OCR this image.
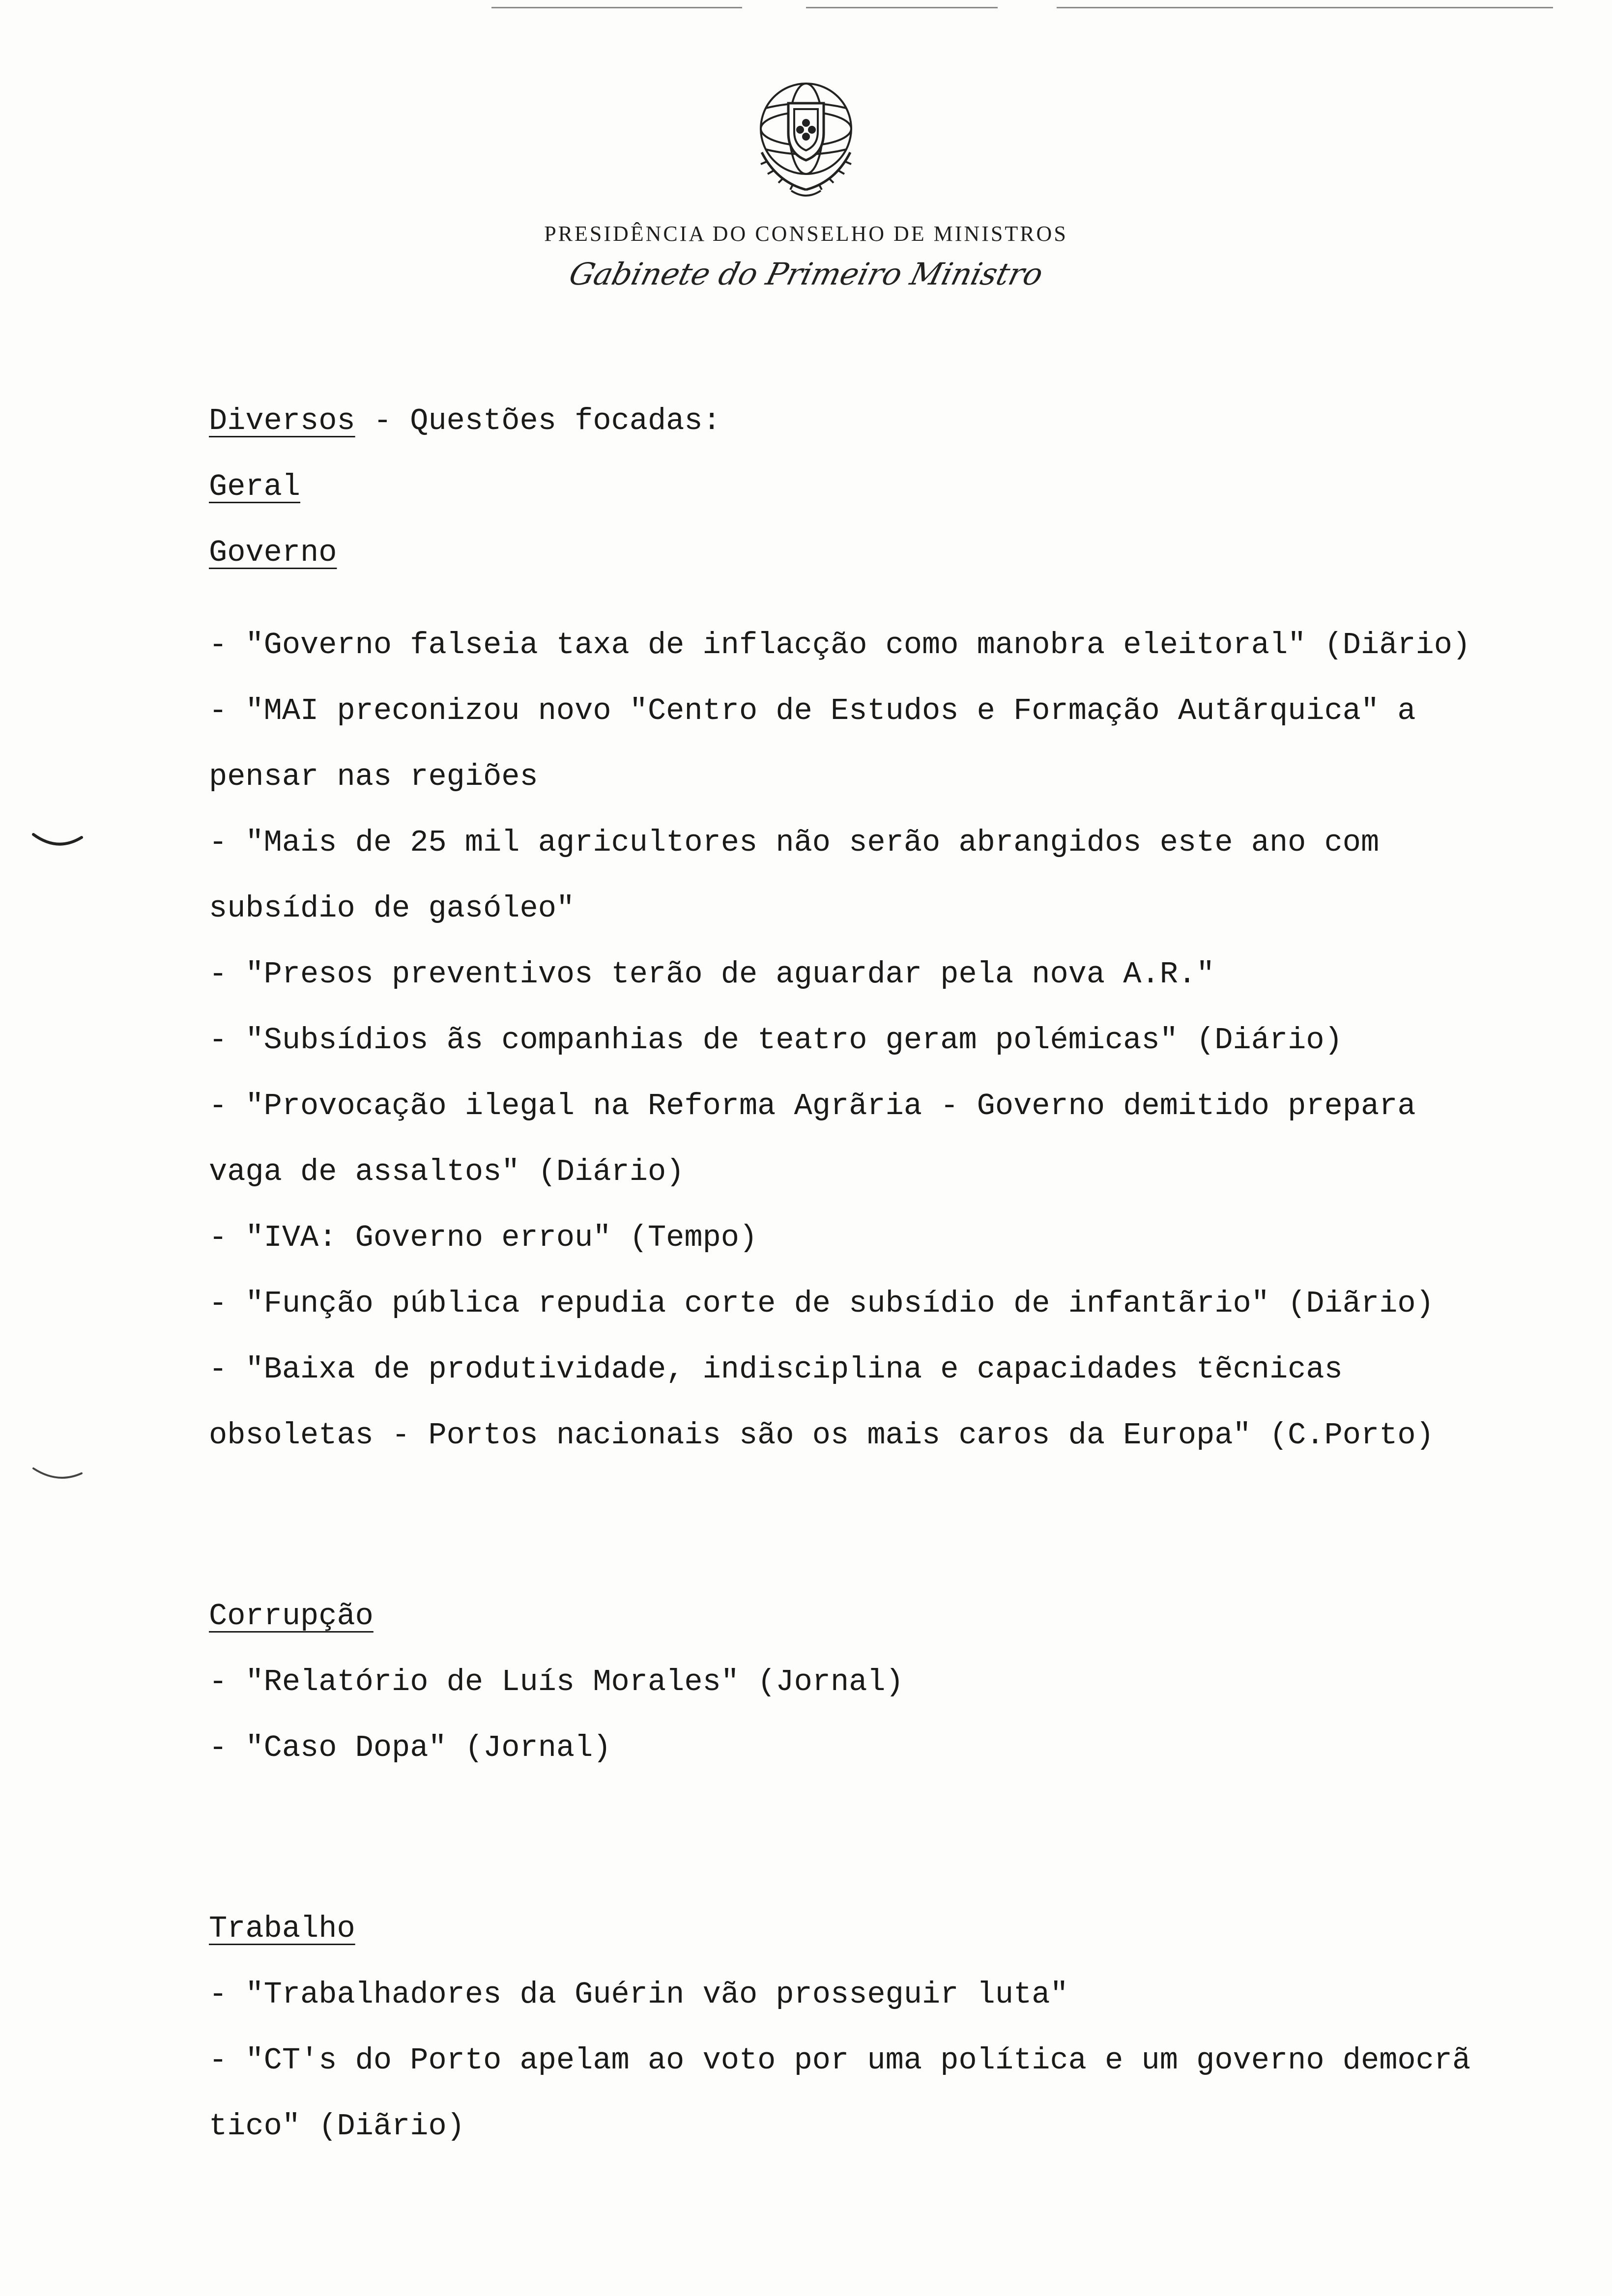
PRESIDÊNCIA DO CONSELHO DE MINISTROS
Gabinete do Primeiro Ministro
Diversos - Questões focadas:
Geral
Governo
- "Governo falseia taxa de inflacção como manobra eleitoral" (Diãrio)
- "MAI preconizou novo "Centro de Estudos e Formação Autãrquica" a
pensar nas regiões
- "Mais de 25 mil agricultores não serão abrangidos este ano com
subsídio de gasóleo"
- "Presos preventivos terão de aguardar pela nova A.R."
- "Subsídios ãs companhias de teatro geram polémicas" (Diário)
- "Provocação ilegal na Reforma Agrãria - Governo demitido prepara
vaga de assaltos" (Diário)
- "IVA: Governo errou" (Tempo)
- "Função pública repudia corte de subsídio de infantãrio" (Diãrio)
- "Baixa de produtividade, indisciplina e capacidades tẽcnicas
obsoletas - Portos nacionais são os mais caros da Europa" (C.Porto)
Corrupção
- "Relatório de Luís Morales" (Jornal)
- "Caso Dopa" (Jornal)
Trabalho
- "Trabalhadores da Guérin vão prosseguir luta"
- "CT's do Porto apelam ao voto por uma política e um governo democrã
tico" (Diãrio)
